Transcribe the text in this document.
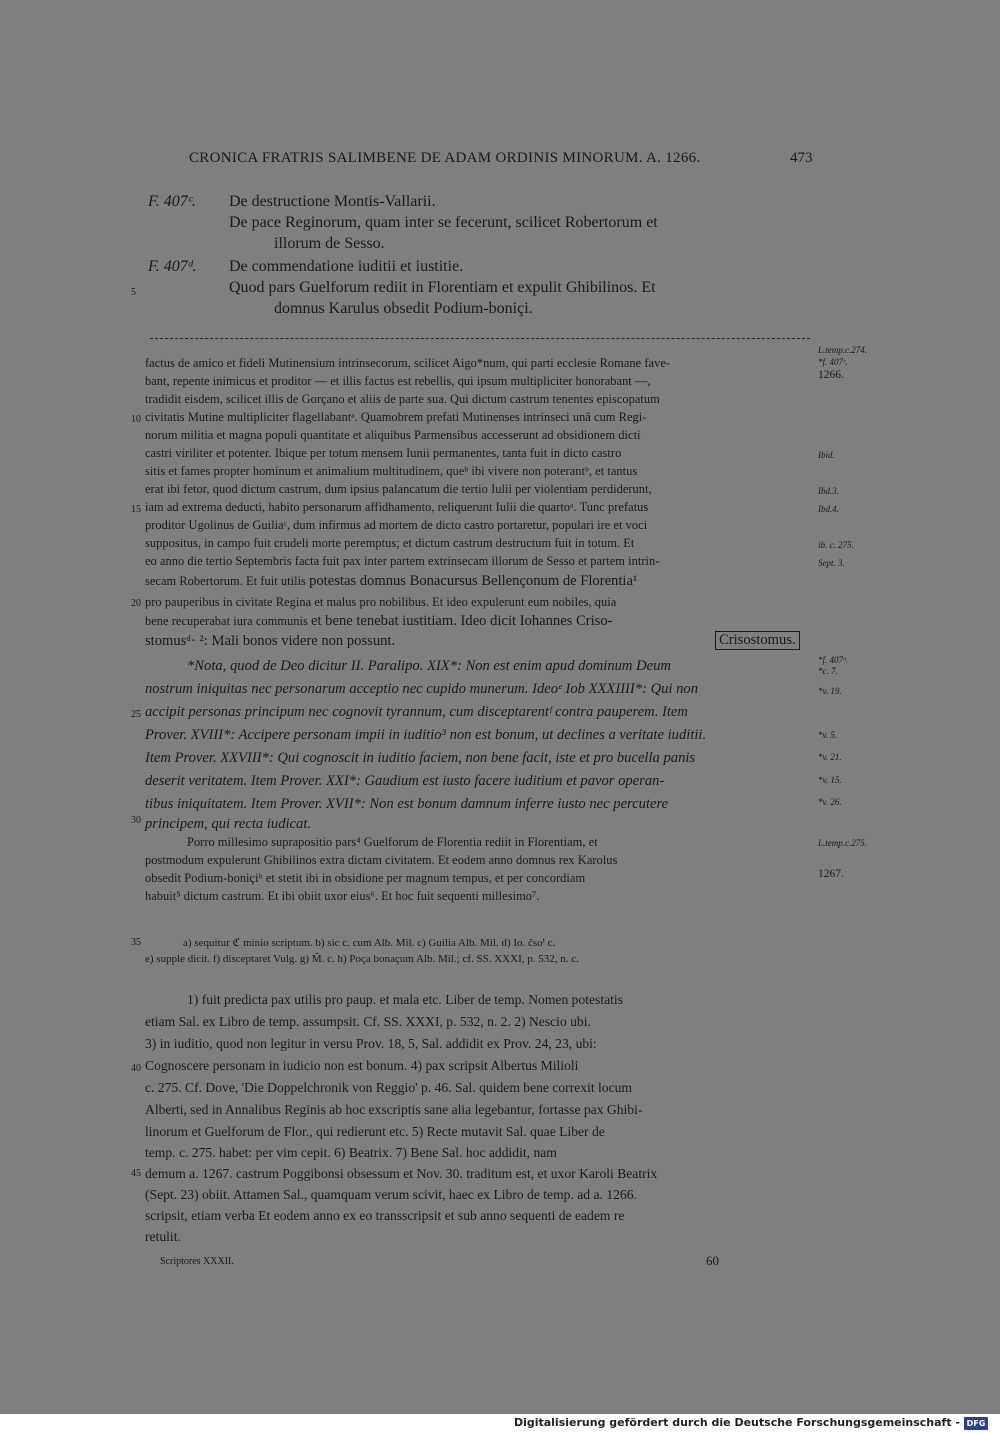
CRONICA FRATRIS SALIMBENE DE ADAM ORDINIS MINORUM. A. 1266.	473
F. 407ᶜ. De destructione Montis-Vallarii.
De pace Reginorum, quam inter se fecerunt, scilicet Robertorum et
illorum de Sesso.
F. 407ᵈ. De commendatione iuditii et iustitie.
Quod pars Guelforum rediit in Florentiam et expulit Ghibilinos. Et
domnus Karulus obsedit Podium-boniçi.
5
factus de amico et fideli Mutinensium intrinsecorum, scilicet Aigo*num, qui parti ecclesie Romane fave-
bant, repente inimicus et proditor — et illis factus est rebellis, qui ipsum multipliciter honorabant —,
tradidit eisdem, scilicet illis de Gorçano et aliis de parte sua. Qui dictum castrum tenentes episcopatum
civitatis Mutine multipliciter flagellabantᵃ. Quamobrem prefati Mutinenses intrinseci unâ cum Regi-
norum militia et magna populi quantitate et aliquibus Parmensibus accesserunt ad obsidionem dicti
castri viriliter et potenter. Ibique per totum mensem Iunii permanentes, tanta fuit in dicto castro
sitis et fames propter hominum et animalium multitudinem, queᵇ ibi vivere non poterantᵇ, et tantus
erat ibi fetor, quod dictum castrum, dum ipsius palancatum die tertio Iulii per violentiam perdiderunt,
iam ad extrema deducti, habito personarum affidhamento, reliquerunt Iulii die quartoᵃ. Tunc prefatus
proditor Ugolinus de Guiliaᶜ, dum infirmus ad mortem de dicto castro portaretur, populari ire et voci
suppositus, in campo fuit crudeli morte peremptus; et dictum castrum destructum fuit in totum. Et
eo anno die tertio Septembris facta fuit pax inter partem extrinsecam illorum de Sesso et partem intrin-
secam Robertorum. Et fuit utilis potestas domnus Bonacursus Bellençonum de Florentia¹
pro pauperibus in civitate Regina et malus pro nobilibus. Et ideo expulerunt eum nobiles, quia
bene recuperabat iura communis et bene tenebat iustitiam. Ideo dicit Iohannes Criso-
stomusᵈ· ²: Mali bonos videre non possunt.	Crisostomus.
*Nota, quod de Deo dicitur II. Paralipo. XIX*: Non est enim apud dominum Deum
nostrum iniquitas nec personarum acceptio nec cupido munerum. Ideoᵉ Iob XXXIIII*: Qui non
accipit personas principum nec cognovit tyrannum, cum disceptarentᶠ contra pauperem. Item
Prover. XVIII*: Accipere personam impii in iuditio³ non est bonum, ut declines a veritate iuditii.
Item Prover. XXVIII*: Qui cognoscit in iuditio faciem, non bene facit, iste et pro bucella panis
deserit veritatem. Item Prover. XXI*: Gaudium est iusto facere iuditium et pavor operan-
tibus iniquitatem. Item Prover. XVII*: Non est bonum damnum inferre iusto nec percutere
principem, qui recta iudicat.
Porro millesimo suprapositio pars⁴ Guelforum de Florentia rediit in Florentiam, et
postmodum expulerunt Ghibilinos extra dictam civitatem. Et eodem anno domnus rex Karolus
obsedit Podium-boniçiʰ et stetit ibi in obsidione per magnum tempus, et per concordiam
habuit⁵ dictum castrum. Et ibi obiit uxor eius⁶. Et hoc fuit sequenti millesimo⁷.
10
15
20
25
30
35
40
45
L.temp.c.274.
*f. 407ᶜ.
1266.
Ibid.
Ibd.3.
Ibd.4.
ib. c. 275.
Sept. 3.
*f. 407ᵈ.
*c. 7.
*v. 19.
*v. 5.
*v. 21.
*v. 15.
*v. 26.
L.temp.c.275.
1267.
a) sequitur ℭ minio scriptum. b) sic c. cum Alb. Mil. c) Guilia Alb. Mil. d) Io. ĉsoⁱ c.
e) supple dicit. f) disceptaret Vulg. g) M̃. c. h) Poça bonaçum Alb. Mil.; cf. SS. XXXI, p. 532, n. c.
1) fuit predicta pax utilis pro paup. et mala etc. Liber de temp. Nomen potestatis
etiam Sal. ex Libro de temp. assumpsit. Cf. SS. XXXI, p. 532, n. 2. 2) Nescio ubi.
3) in iuditio, quod non legitur in versu Prov. 18, 5, Sal. addidit ex Prov. 24, 23, ubi:
Cognoscere personam in iudicio non est bonum. 4) pax scripsit Albertus Milioli
c. 275. Cf. Dove, 'Die Doppelchronik von Reggio' p. 46. Sal. quidem bene correxit locum
Alberti, sed in Annalibus Reginis ab hoc exscriptis sane alia legebantur, fortasse pax Ghibi-
linorum et Guelforum de Flor., qui redierunt etc. 5) Recte mutavit Sal. quae Liber de
temp. c. 275. habet: per vim cepit. 6) Beatrix. 7) Bene Sal. hoc addidit, nam
demum a. 1267. castrum Poggibonsi obsessum et Nov. 30. traditum est, et uxor Karoli Beatrix
(Sept. 23) obiit. Attamen Sal., quamquam verum scivit, haec ex Libro de temp. ad a. 1266.
scripsit, etiam verba Et eodem anno ex eo transscripsit et sub anno sequenti de eadem re
retulit.
Scriptores XXXII.	60
Digitalisierung gefördert durch die Deutsche Forschungsgemeinschaft - DFG
